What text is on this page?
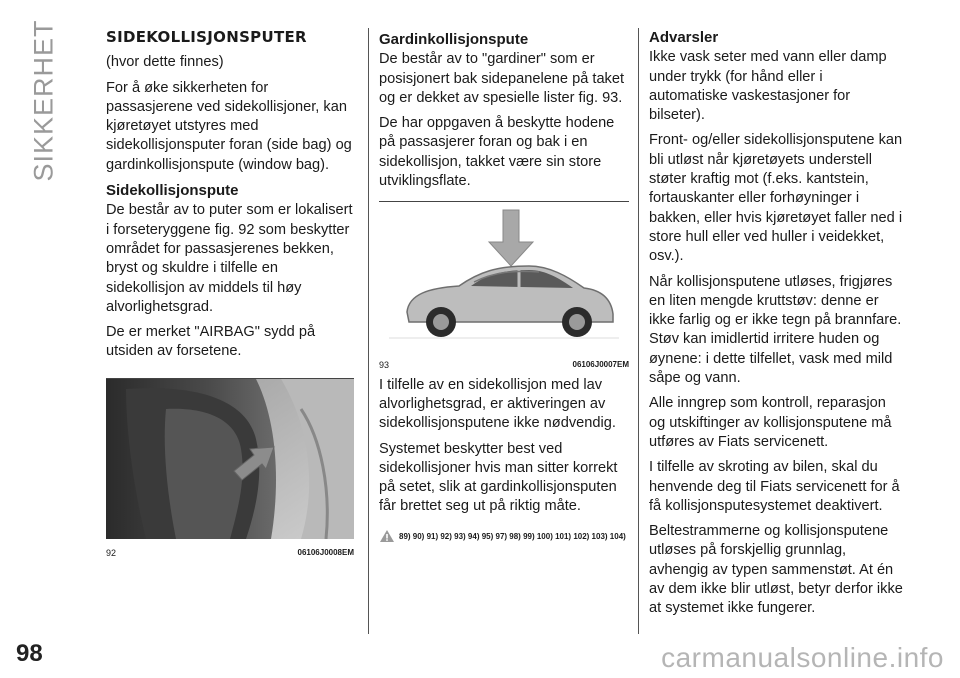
SIKKERHET	SIDEKOLLISJONSPUTER

(hvor dette finnes)

For å øke sikkerheten for passasjerene ved sidekollisjoner, kan kjøretøyet utstyres med sidekollisjonsputer foran (side bag) og gardinkollisjonspute (window bag).

Sidekollisjonspute

De består av to puter som er lokalisert i forseteryggene fig. 92 som beskytter området for passasjerenes bekken, bryst og skuldre i tilfelle en sidekollisjon av middels til høy alvorlighetsgrad.

De er merket "AIRBAG" sydd på utsiden av forsetene.

92	06106J0008EM
Gardinkollisjonspute

De består av to "gardiner" som er posisjonert bak sidepanelene på taket og er dekket av spesielle lister fig. 93.

De har oppgaven å beskytte hodene på passasjerer foran og bak i en sidekollisjon, takket være sin store utviklingsflate.

93	06106J0007EM

I tilfelle av en sidekollisjon med lav alvorlighetsgrad, er aktiveringen av sidekollisjonsputene ikke nødvendig.

Systemet beskytter best ved sidekollisjoner hvis man sitter korrekt på setet, slik at gardinkollisjonsputen får brettet seg ut på riktig måte.

89) 90) 91) 92) 93) 94) 95) 97) 98) 99) 100) 101) 102) 103) 104)
Advarsler

Ikke vask seter med vann eller damp under trykk (for hånd eller i automatiske vaskestasjoner for bilseter).

Front- og/eller sidekollisjonsputene kan bli utløst når kjøretøyets understell støter kraftig mot (f.eks. kantstein, fortauskanter eller forhøyninger i bakken, eller hvis kjøretøyet faller ned i store hull eller ved huller i veidekket, osv.).

Når kollisjonsputene utløses, frigjøres en liten mengde kruttstøv: denne er ikke farlig og er ikke tegn på brannfare. Støv kan imidlertid irritere huden og øynene: i dette tilfellet, vask med mild såpe og vann.

Alle inngrep som kontroll, reparasjon og utskiftinger av kollisjonsputene må utføres av Fiats servicenett.

I tilfelle av skroting av bilen, skal du henvende deg til Fiats servicenett for å få kollisjonsputesystemet deaktivert.

Beltestrammerne og kollisjonsputene utløses på forskjellig grunnlag, avhengig av typen sammenstøt. At én av dem ikke blir utløst, betyr derfor ikke at systemet ikke fungerer.

98	carmanualsonline.info
